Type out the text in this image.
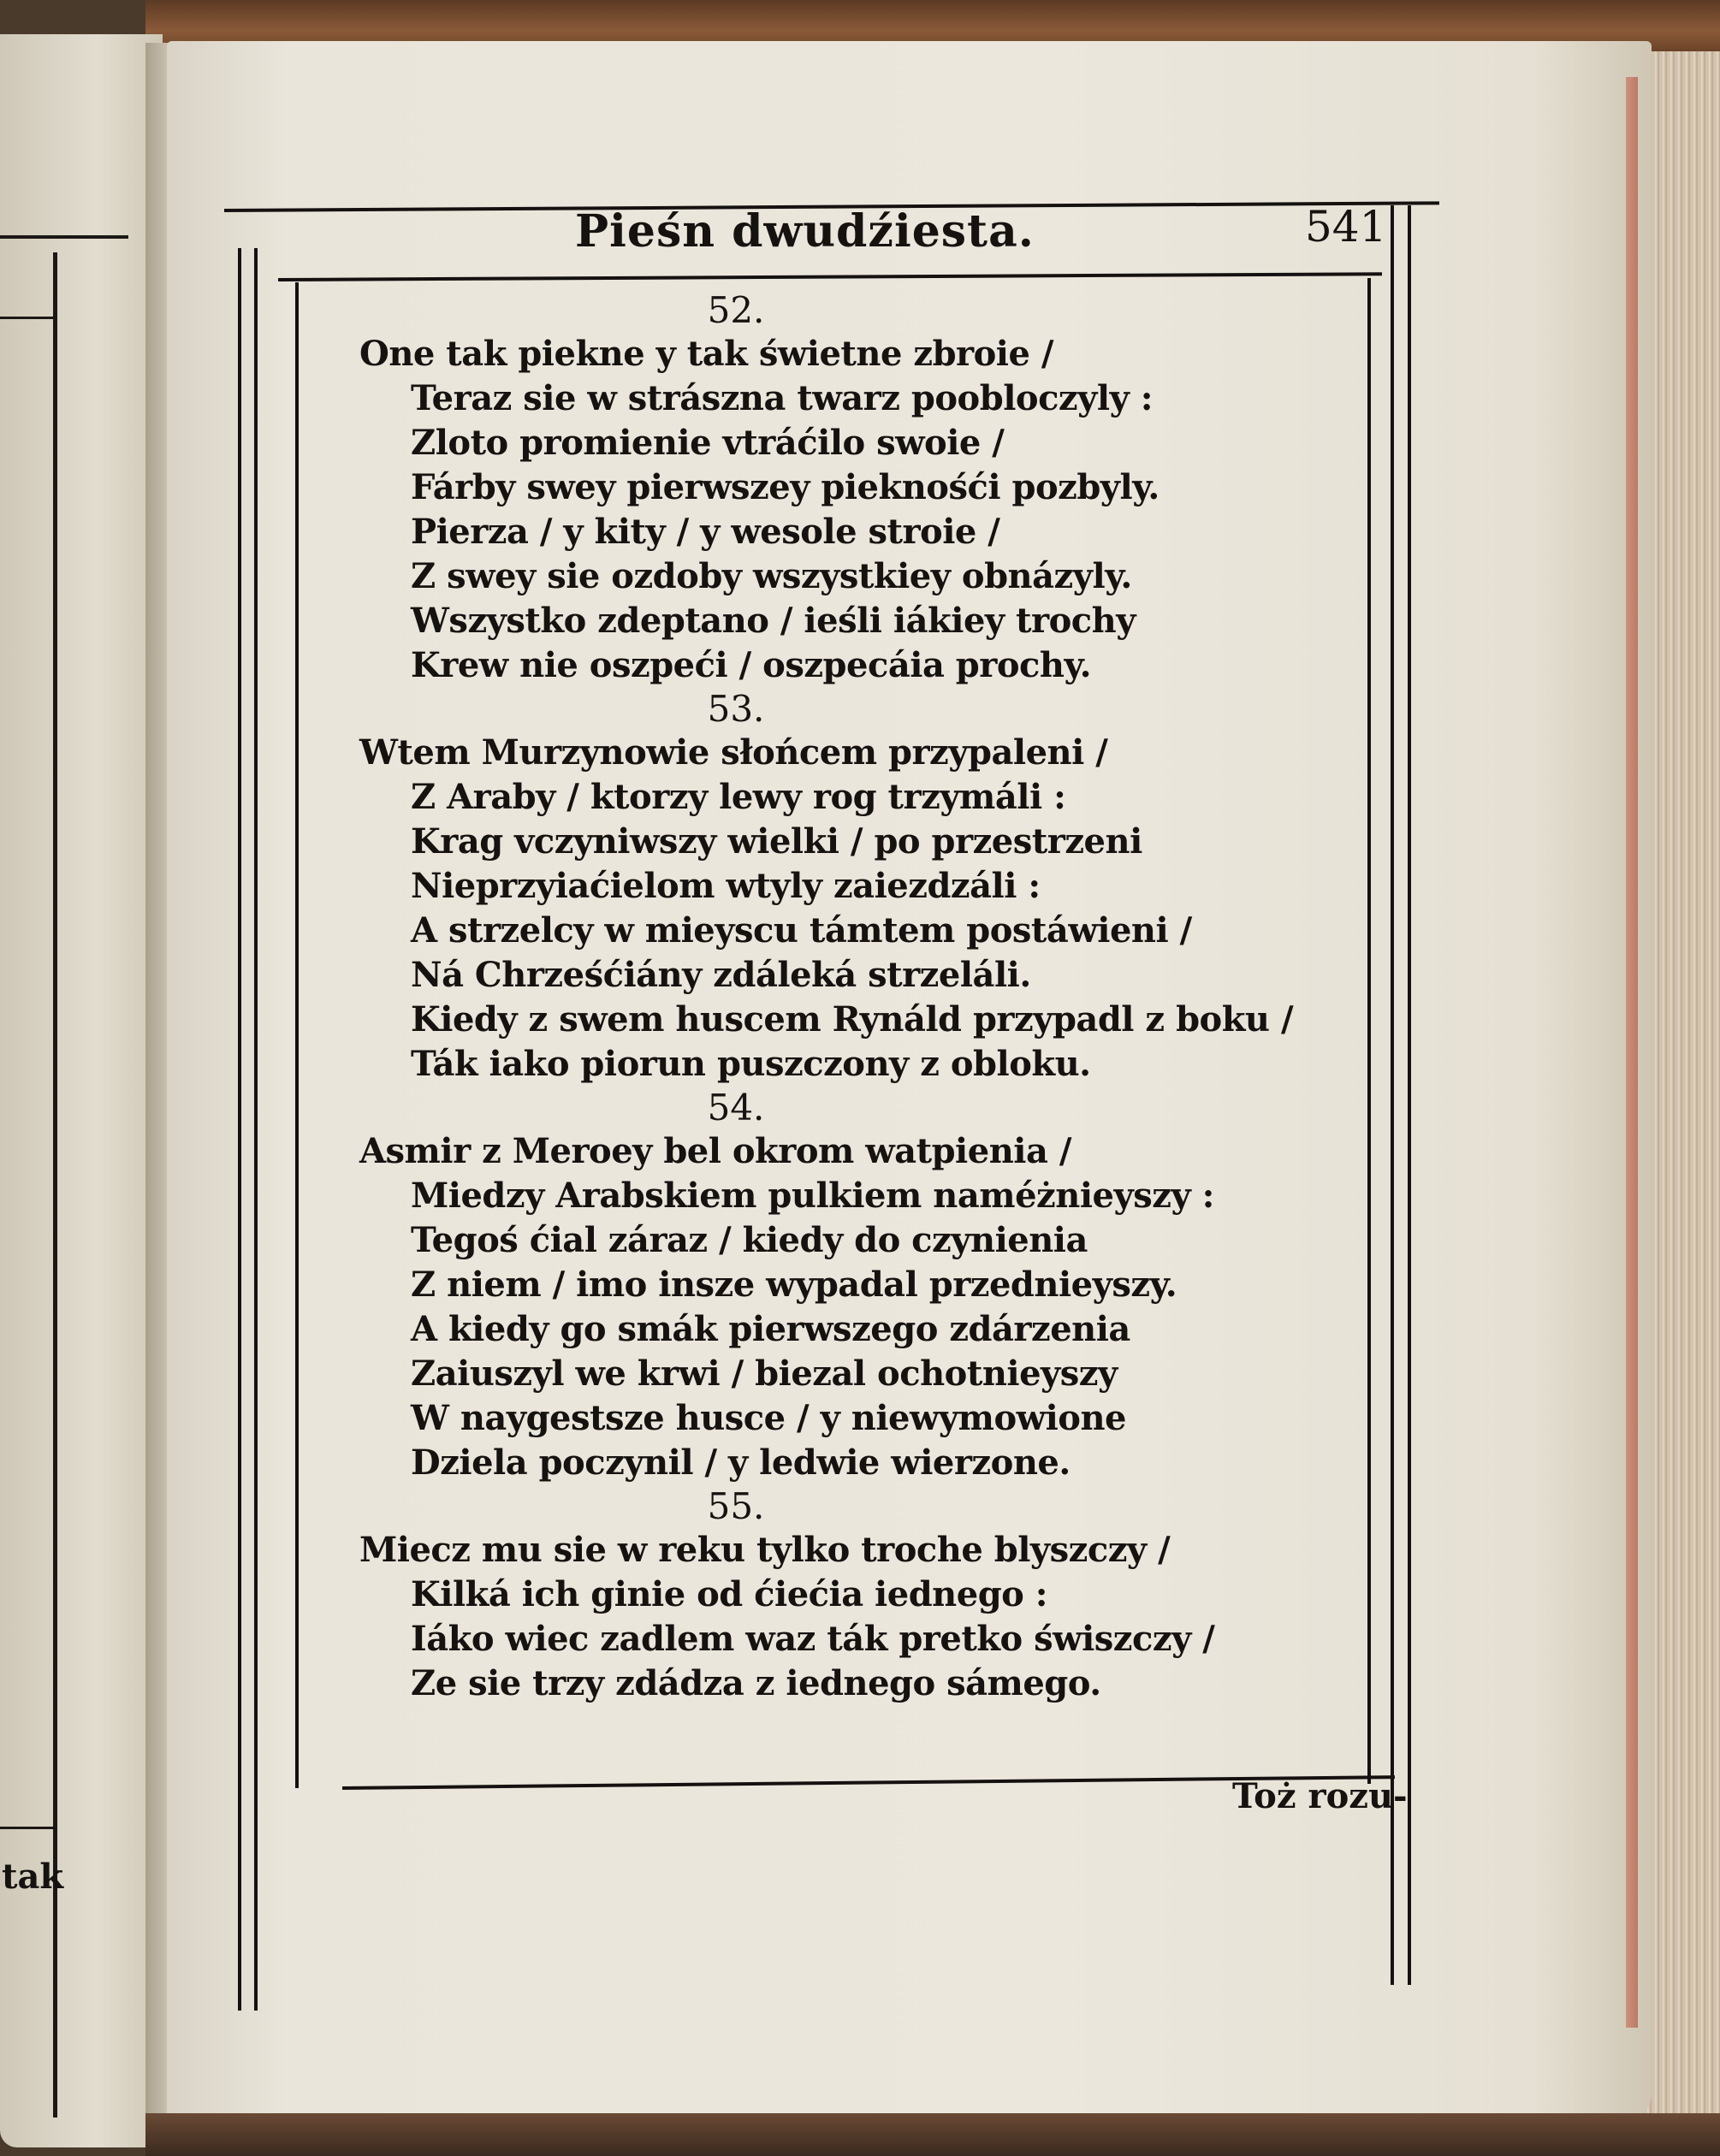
tak
Pieśn dwudźiesta.	541
52.
One tak piekne y tak świetne zbroie /
Teraz sie w strászna twarz poobloczyly :
Zloto promienie vtráćilo swoie /
Fárby swey pierwszey pieknośći pozbyly.
Pierza / y kity / y wesole stroie /
Z swey sie ozdoby wszystkiey obnázyly.
Wszystko zdeptano / ieśli iákiey trochy
Krew nie oszpeći / oszpecáia prochy.
53.
Wtem Murzynowie słońcem przypaleni /
Z Araby / ktorzy lewy rog trzymáli :
Krag vczyniwszy wielki / po przestrzeni
Nieprzyiaćielom wtyly zaiezdzáli :
A strzelcy w mieyscu támtem postáwieni /
Ná Chrześćiány zdáleká strzeláli.
Kiedy z swem huscem Rynáld przypadl z boku /
Ták iako piorun puszczony z obloku.
54.
Asmir z Meroey bel okrom watpienia /
Miedzy Arabskiem pulkiem naméżnieyszy :
Tegoś ćial záraz / kiedy do czynienia
Z niem / imo insze wypadal przednieyszy.
A kiedy go smák pierwszego zdárzenia
Zaiuszyl we krwi / biezal ochotnieyszy
W naygestsze husce / y niewymowione
Dziela poczynil / y ledwie wierzone.
55.
Miecz mu sie w reku tylko troche blyszczy /
Kilká ich ginie od ćiećia iednego :
Iáko wiec zadlem waz ták pretko świszczy /
Ze sie trzy zdádza z iednego sámego.
Toż rozu-
